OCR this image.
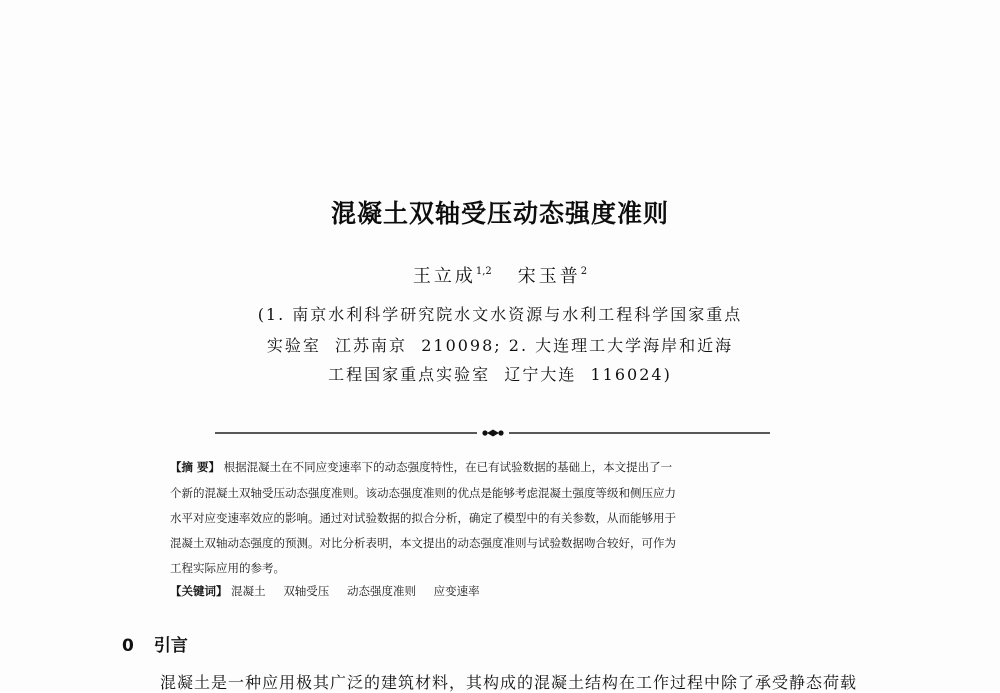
混凝土双轴受压动态强度准则
王立成$^{1,2}$ 宋玉普$^2$
(1. 南京水利科学研究院水文水资源与水利工程科学国家重点
实验室  江苏南京  210098; 2. 大连理工大学海岸和近海
工程国家重点实验室  辽宁大连  116024)
【摘 要】 根据混凝土在不同应变速率下的动态强度特性，在已有试验数据的基础上，本文提出了一
个新的混凝土双轴受压动态强度准则。该动态强度准则的优点是能够考虑混凝土强度等级和侧压应力
水平对应变速率效应的影响。通过对试验数据的拟合分析，确定了模型中的有关参数，从而能够用于
混凝土双轴动态强度的预测。对比分析表明，本文提出的动态强度准则与试验数据吻合较好，可作为
工程实际应用的参考。
【关键词】 混凝土 双轴受压 动态强度准则 应变速率
0 引言
混凝土是一种应用极其广泛的建筑材料，其构成的混凝土结构在工作过程中除了承受静态荷载
